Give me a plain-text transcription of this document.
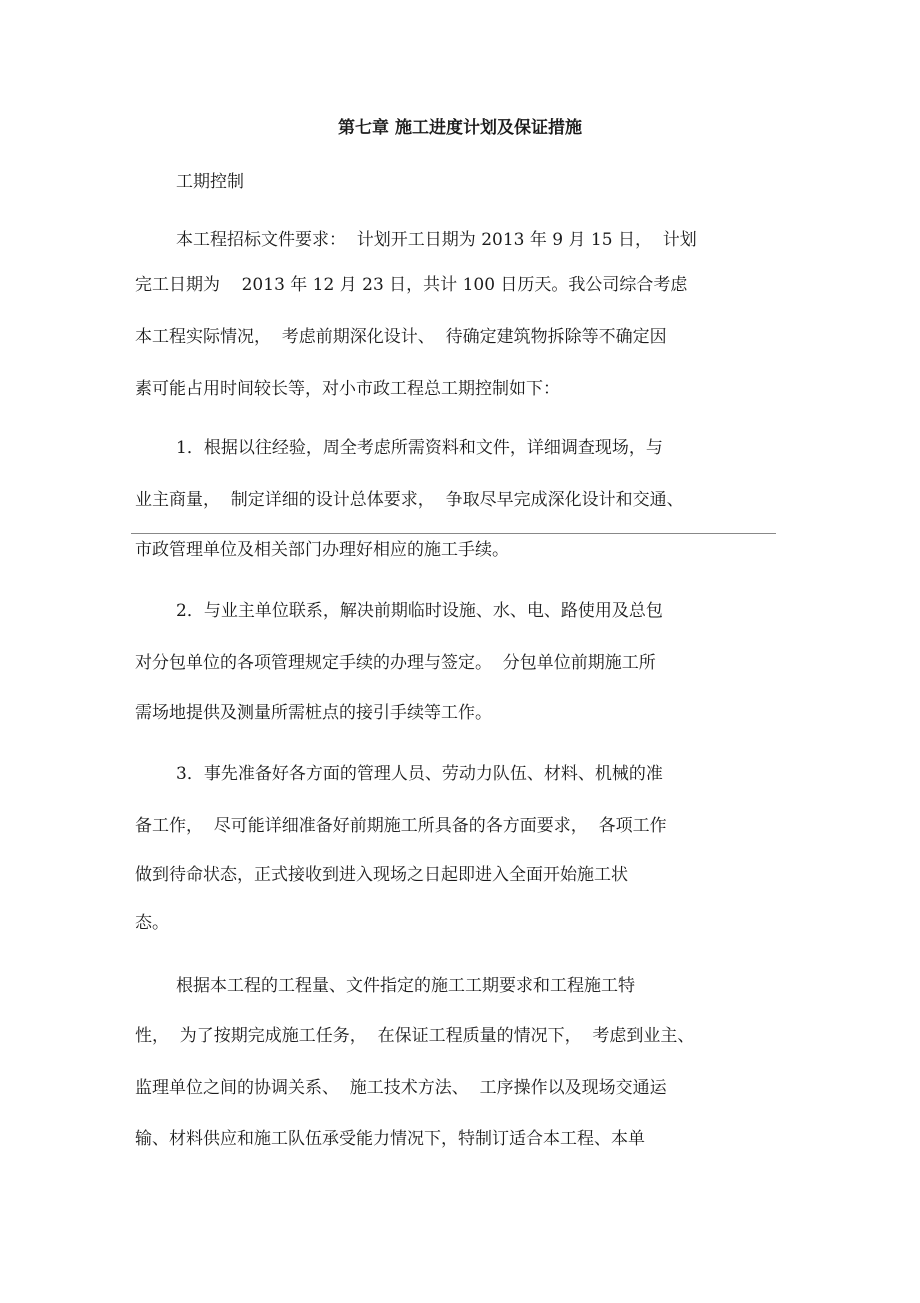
第七章 施工进度计划及保证措施

工期控制

本工程招标文件要求：  计划开工日期为 2013 年 9 月 15 日，  计划

完工日期为    2013 年 12 月 23 日，共计 100 日历天。我公司综合考虑

本工程实际情况，  考虑前期深化设计、  待确定建筑物拆除等不确定因

素可能占用时间较长等，对小市政工程总工期控制如下：

1．根据以往经验，周全考虑所需资料和文件，详细调查现场，与

业主商量，  制定详细的设计总体要求，  争取尽早完成深化设计和交通、

市政管理单位及相关部门办理好相应的施工手续。

2．与业主单位联系，解决前期临时设施、水、电、路使用及总包

对分包单位的各项管理规定手续的办理与签定。  分包单位前期施工所

需场地提供及测量所需桩点的接引手续等工作。

3．事先准备好各方面的管理人员、劳动力队伍、材料、机械的准

备工作，  尽可能详细准备好前期施工所具备的各方面要求，  各项工作

做到待命状态，正式接收到进入现场之日起即进入全面开始施工状

态。

根据本工程的工程量、文件指定的施工工期要求和工程施工特

性，  为了按期完成施工任务，  在保证工程质量的情况下，  考虑到业主、

监理单位之间的协调关系、  施工技术方法、  工序操作以及现场交通运

输、材料供应和施工队伍承受能力情况下，特制订适合本工程、本单
